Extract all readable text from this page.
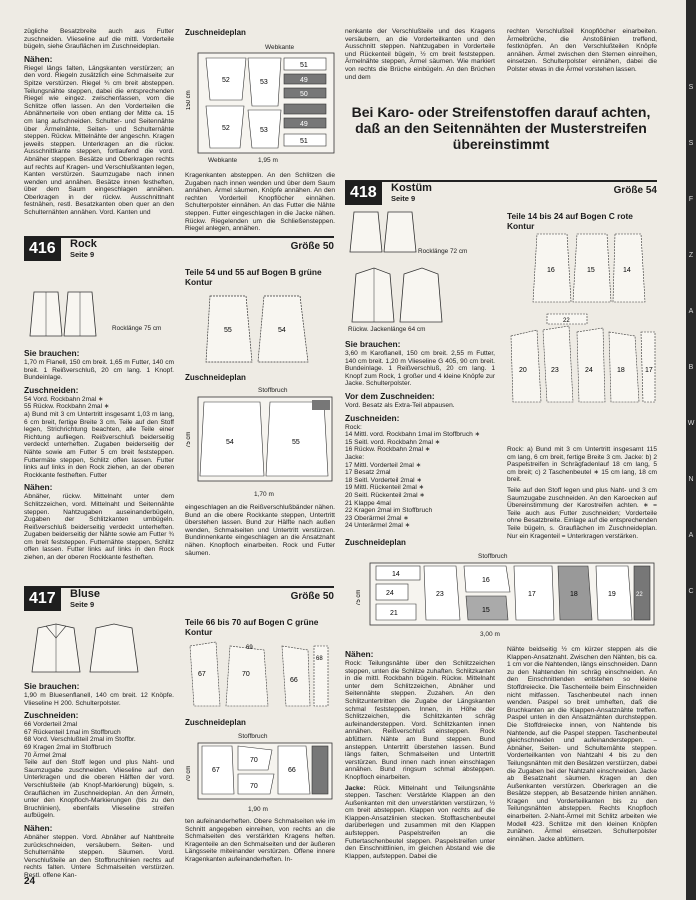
zügliche Besatzbreite auch aus Futter zuschneiden. Vlieseline auf die mittl. Vorderteile bügeln, siehe Grauflächen im Zuschneideplan.

Nähen:

Riegel längs falten, Längskanten verstürzen; an den vord. Riegeln zusätzlich eine Schmalseite zur Spitze verstürzen. Riegel ¾ cm breit absteppen. Teilungsnähte steppen, dabei die entsprechenden Riegel wie eingez. zwischenfassen, vom die Schlitze offen lassen. An den Vorderteilen die Abnähnerteile von oben entlang der Mitte ca. 15 cm lang aufschneiden. Schulter- und Seitennähte über Ärmelnähte, Seiten- und Schulternähte steppen. Rückw. Mittelnähte der angeschn. Kragen jeweils steppen. Unterkragen an die rückw. Ausschnittkante steppen, fortlaufend die vord. Abnäher steppen. Besätze und Oberkragen rechts auf rechts auf Kragen- und Verschlußkanten legen, Kanten verstürzen. Saumzugabe nach innen wenden und annähen. Besätze innen festheften, über dem Saum eingeschlagen annähen. Oberkragen in der rückw. Ausschnittnaht festnähen, restl. Besatzkanten oben quer an den Schulternähten annähen. Vord. Kanten und

416	Rock
Seite 9
Größe 50
Rocklänge 75 cm
Sie brauchen:

1,70 m Flanell, 150 cm breit. 1,65 m Futter, 140 cm breit. 1 Reißverschluß, 20 cm lang. 1 Knopf. Bundeinlage.

Zuschneiden:

54 Vord. Rockbahn 2mal ∗
55 Rückw. Rockbahn 2mal ∗
a) Bund mit 3 cm Untertritt insgesamt 1,03 m lang, 6 cm breit, fertige Breite 3 cm. Teile auf den Stoff legen, Strichrichtung beachten, alle Teile einer Richtung aufliegen. Reißverschluß beiderseitig verdeckt unterheften. Zugaben beiderseitig der Nähte sowie am Futter 5 cm breit feststeppen. Futtermäte steppen, Schlitz offen lassen. Futter links auf links in den Rock ziehen, an der oberen Rockkante festheften. Futter

Nähen:

Abnäher, rückw. Mittelnaht unter dem Schlitzzeichen, vord. Mittelnaht und Seitennähte steppen. Nahtzugaben auseinanderbügeln, Zugaben der Schlitzkanten umbügeln. Reißverschluß beiderseitig verdeckt unterheften. Zugaben beiderseitig der Nähte sowie am Futter ¾ cm breit feststeppen. Futternähte steppen, Schlitz offen lassen. Futter links auf links in den Rock ziehen, an der oberen Rockkante festheften.

417	Bluse
Seite 9
Größe 50
Sie brauchen:

1,90 m Bluesenflanell, 140 cm breit. 12 Knöpfe. Vlieseline H 200. Schulterpolster.

Zuschneiden:

66 Vorderteil 2mal
67 Rückenteil 1mal im Stoffbruch
68 Vord. Verschlußteil 2mal im Stoffbr.
69 Kragen 2mal im Stoffbruch
70 Ärmel 2mal
Teile auf den Stoff legen und plus Naht- und Saumzugabe zuschneiden. Vlieseline auf den Unterkragen und die oberen Hälften der vord. Verschlußteile (ab Knopf-Markierung) bügeln, s. Grauflächen im Zuschneideplan. An den Ärmeln, unter den Knopfloch-Markierungen (bis zu den Bruchlinien), ebenfalls Vlieseline streifen aufbügeln.

Nähen:

Abnäher steppen. Vord. Abnäher auf Nahtbreite zurückschneiden, versäubern. Seiten- und Schulternähte steppen. Säumen. Vord. Verschlußteile an den Stoffbruchlinien rechts auf rechts falten. Untere Schmalseiten verstürzen. Restl. offene Kan-

Zuschneideplan
Webkante
150 cm
52	53
51
49
50
52	53
51
49
Webkante	1,95 m

Kragenkanten absteppen. An den Schlitzen die Zugaben nach innen wenden und über dem Saum annähen. Ärmel säumen, Knöpfe annähen. An den rechten Vorderteil Knopflöcher einnähen. Schulterpolster einnähen. An das Futter die Nähte steppen. Futter eingeschlagen in die Jacke nähen. Rückw. Riegelenden um die Schließensteppen. Riegel anlegen, annähen.

Teile 54 und 55 auf Bogen B grüne Kontur
55	54
Zuschneideplan
Stoffbruch
75 cm	54	55
1,70 m

eingeschlagen an die Reißverschlußbänder nähen. Bund an die obere Rockkante steppen, Untertritt überstehen lassen. Bund zur Hälfte nach außen wenden, Schmalseiten und Untertritt verstürzen. Bundinnenkante eingeschlagen an die Ansatznaht nähen. Knopfloch einarbeiten. Rock und Futter säumen.

Teile 66 bis 70 auf Bogen C grüne Kontur
67	70
66
68
69
Zuschneideplan
Stoffbruch
70 cm	67
70
70
66
1,90 m

ten aufeinanderheften. Obere Schmalseiten wie im Schnitt angegeben einreihen, von rechts an die Schmalseiten des verstärkten Kragens heften. Kragenteile an den Schmalseiten und der äußeren Längsseite miteinander verstürzen. Offene innere Kragenkanten aufeinanderheften. In-

nenkante der Verschlußteile und des Kragens versäubern, an die Vorderteilkanten und den Ausschnitt steppen. Nahtzugaben in Vorderteile und Rückenteil bügeln, ½ cm breit feststeppen. Ärmelnähte steppen, Ärmel säumen. Wie markiert von rechts die Brüche einbügeln. An den Brüchen und dem

rechten Verschlußteil Knopflöcher einarbeiten. Ärmelbrüche, die Anstoßlinien treffend, festknöpfen. An den Verschlußteilen Knöpfe annähen. Ärmel zwischen den Sternen einreihen, einsetzen. Schulterpolster einnähen, dabei die Polster etwas in die Ärmel vorstehen lassen.

Bei Karo- oder Streifenstoffen darauf achten, daß an den Seitennähten der Musterstreifen übereinstimmt
418	Kostüm
Seite 9
Größe 54
Rocklänge 72 cm
Rückw. Jackenlänge 64 cm
Sie brauchen:

3,60 m Karoflanell, 150 cm breit. 2,55 m Futter, 140 cm breit. 1,20 m Vlieseline G 405, 90 cm breit. Bundeinlage. 1 Reißverschluß, 20 cm lang. 1 Knopf zum Rock, 1 großer und 4 kleine Knöpfe zur Jacke. Schulterpolster.

Vor dem Zuschneiden:

Vord. Besatz als Extra-Teil abpausen.

Zuschneiden:

Rock:
14 Mittl. vord. Rockbahn 1mal im Stoffbruch ∗
15 Seitl. vord. Rockbahn 2mal ∗
16 Rückw. Rockbahn 2mal ∗
Jacke:
17 Mittl. Vorderteil 2mal ∗
17 Besatz 2mal
18 Seitl. Vorderteil 2mal ∗
19 Mittl. Rückenteil 2mal ∗
20 Seitl. Rückenteil 2mal ∗
21 Klappe 4mal
22 Kragen 2mal im Stoffbruch
23 Oberärmel 2mal ∗
24 Unterärmel 2mal ∗

Teile 14 bis 24 auf Bogen C rote Kontur
16	15	14
22
20	23	24	18	17

Rock: a) Bund mit 3 cm Untertritt insgesamt 115 cm lang, 6 cm breit, fertige Breite 3 cm. Jacke: b) 2 Paspelstreifen in Schrägfadenlauf 18 cm lang, 5 cm breit; c) 2 Taschenbeutel ∗ 15 cm lang, 18 cm breit.

Teile auf den Stoff legen und plus Naht- und 3 cm Saumzugabe zuschneiden. An den Karoecken auf Übereinstimmung der Karostreifen achten. ∗ = Teile auch aus Futter zuschneiden; Vorderteile ohne Besatzbreite. Einlage auf die entsprechenden Teile bügeln, s. Grauflächen im Zuschneideplan. Nur ein Kragenteil = Unterkragen verstärken.

Zuschneideplan
Stoffbruch
75 cm
14
24
21
23
16
15
17	18	19	22
3,00 m
Nähen:

Rock: Teilungsnähte über den Schlitzzeichen steppen, unten die Schlitze zuhaften. Schlitzkanten in die mittl. Rockbahn bügeln. Rückw. Mittelnaht unter dem Schlitzzeichen, Abnäher und Seitennähte steppen. Zuzahen. An den Schlitzuntertritten die Zugabe der Längskanten schmal feststeppen. Innen, in Höhe der Schlitzzeichen, die Schlitzkanten schräg aufeinandersteppen. Vord. Schlitzkanten innen annähen. Reißverschluß einsteppen. Rock abfüttern. Nähte am Bund steppen. Bund ansteppen. Untertritt überstehen lassen. Bund längs falten, Schmalseiten und Untertritt verstürzen. Bund innen nach innen einschlagen annähen. Bund ringsum schmal absteppen. Knopfloch einarbeiten.

Jacke: Rück. Mittelnaht und Teilungsnähte steppen. Taschen: Verstärkte Klappen an den Außenkanten mit den unverstärkten verstürzen, ½ cm breit absteppen. Klappen von rechts auf die Klappen-Ansatzlinien stecken. Stofftaschenbeutel darüberlegen und zusammen mit den Klappen aufsteppen. Paspelstreifen an die Futtertaschenbeutel steppen. Paspelstreifen unter den Einschnittlinien, im gleichen Abstand wie die Klappen, aufsteppen. Dabei die

Nähte beidseitig ½ cm kürzer steppen als die Klappen-Ansatznaht. Zwischen den Nähten, bis ca. 1 cm vor die Nahtenden, längs einschneiden. Dann zu den Nahtenden hin schräg einschneiden. An den Einschnittenden entstehen so kleine Stoffdreiecke. Die Taschenteile beim Einschneiden nicht mitfassen. Taschenbeutel nach innen wenden. Paspel so breit umheften, daß die Bruchkanten an die Klappen-Ansatznähte treffen. Paspel unten in den Ansatznähten durchsteppen. Die Stoffdreiecke innen, von Nahtende bis Nahtende, auf die Paspel steppen. Taschenbeutel gleichschneiden und aufeinandersteppen. – Abnäher, Seiten- und Schulternähte steppen. Vorderteilkanten von Nahtzahl 4 bis zu den Teilungsnähten mit den Besätzen verstürzen, dabei die Zugaben bei der Nahtzahl einschneiden. Jacke ab Besatznaht säumen. Kragen an den Außenkanten verstürzen. Oberkragen an die Besätze steppen, ab Besatzende hinten annähen. Kragen und Vorderteilkanten bis zu den Teilungsnähten absteppen. Rechts Knopfloch einarbeiten. 2-Naht-Ärmel mit Schlitz arbeiten wie Modell 423. Schlitze mit den kleinen Knöpfen zunähen. Ärmel einsetzen. Schulterpolster einnähen. Jacke abfüttern.

24
S
S
F
Z
A
B
W
N
A
C
